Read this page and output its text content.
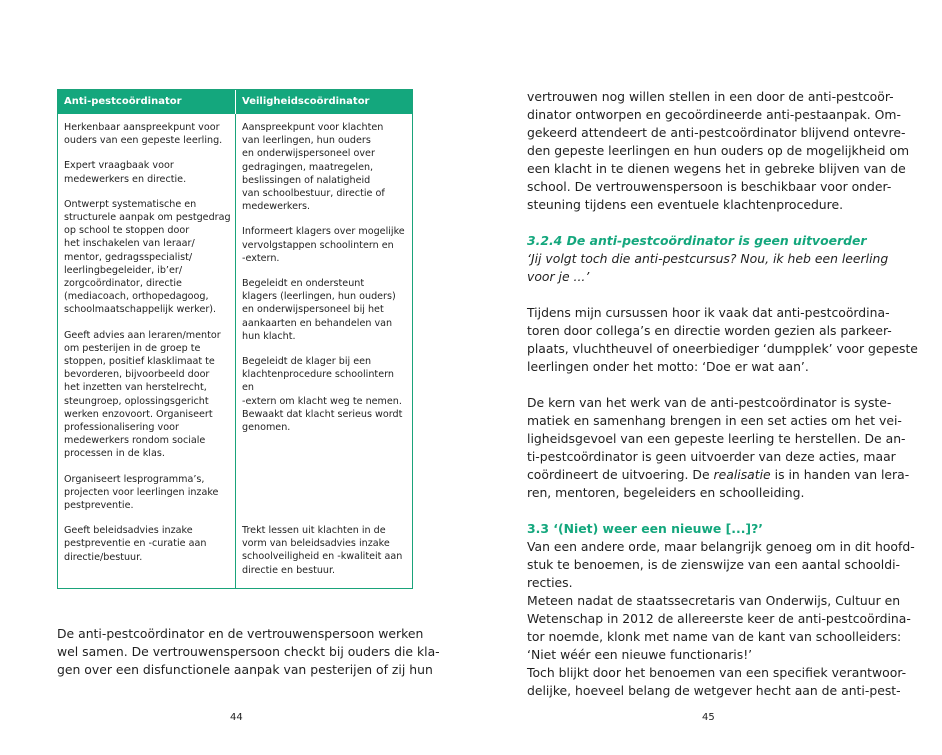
Anti-pestcoördinator	Veiligheidscoördinator

Herkenbaar aanspreekpunt voor
ouders van een gepeste leerling.

Expert vraagbaak voor
medewerkers en directie.

Ontwerpt systematische en
structurele aanpak om pestgedrag
op school te stoppen door
het inschakelen van leraar/
mentor, gedragsspecialist/
leerlingbegeleider, ib’er/
zorgcoördinator, directie
(mediacoach, orthopedagoog,
schoolmaatschappelijk werker).

Geeft advies aan leraren/mentor
om pesterijen in de groep te
stoppen, positief klasklimaat te
bevorderen, bijvoorbeeld door
het inzetten van herstelrecht,
steungroep, oplossingsgericht
werken enzovoort. Organiseert
professionalisering voor
medewerkers rondom sociale
processen in de klas.

Organiseert lesprogramma’s,
projecten voor leerlingen inzake
pestpreventie.

Geeft beleidsadvies inzake
pestpreventie en -curatie aan
directie/bestuur.

Aanspreekpunt voor klachten
van leerlingen, hun ouders
en onderwijspersoneel over
gedragingen, maatregelen,
beslissingen of nalatigheid
van schoolbestuur, directie of
medewerkers.

Informeert klagers over mogelijke
vervolgstappen schoolintern en
-extern.

Begeleidt en ondersteunt
klagers (leerlingen, hun ouders)
en onderwijspersoneel bij het
aankaarten en behandelen van
hun klacht.

Begeleidt de klager bij een
klachtenprocedure schoolintern en
-extern om klacht weg te nemen.
Bewaakt dat klacht serieus wordt
genomen.

Trekt lessen uit klachten in de
vorm van beleidsadvies inzake
schoolveiligheid en -kwaliteit aan
directie en bestuur.

De anti-pestcoördinator en de vertrouwenspersoon werken
wel samen. De vertrouwenspersoon checkt bij ouders die kla-
gen over een disfunctionele aanpak van pesterijen of zij hun
44
vertrouwen nog willen stellen in een door de anti-pestcoör-
dinator ontworpen en gecoördineerde anti-pestaanpak. Om-
gekeerd attendeert de anti-pestcoördinator blijvend ontevre-
den gepeste leerlingen en hun ouders op de mogelijkheid om
een klacht in te dienen wegens het in gebreke blijven van de
school. De vertrouwenspersoon is beschikbaar voor onder-
steuning tijdens een eventuele klachtenprocedure.
3.2.4 De anti-pestcoördinator is geen uitvoerder
‘Jij volgt toch die anti-pestcursus? Nou, ik heb een leerling
voor je ...’
Tijdens mijn cursussen hoor ik vaak dat anti-pestcoördina-
toren door collega’s en directie worden gezien als parkeer-
plaats, vluchtheuvel of oneerbiediger ‘dumpplek’ voor gepeste
leerlingen onder het motto: ‘Doe er wat aan’.
De kern van het werk van de anti-pestcoördinator is syste-
matiek en samenhang brengen in een set acties om het vei-
ligheidsgevoel van een gepeste leerling te herstellen. De an-
ti-pestcoördinator is geen uitvoerder van deze acties, maar
coördineert de uitvoering. De realisatie is in handen van lera-
ren, mentoren, begeleiders en schoolleiding.
3.3 ‘(Niet) weer een nieuwe [...]?’
Van een andere orde, maar belangrijk genoeg om in dit hoofd-
stuk te benoemen, is de zienswijze van een aantal schooldi-
recties.
Meteen nadat de staatssecretaris van Onderwijs, Cultuur en
Wetenschap in 2012 de allereerste keer de anti-pestcoördina-
tor noemde, klonk met name van de kant van schoolleiders:
‘Niet wéér een nieuwe functionaris!’
Toch blijkt door het benoemen van een specifiek verantwoor-
delijke, hoeveel belang de wetgever hecht aan de anti-pest-
45
